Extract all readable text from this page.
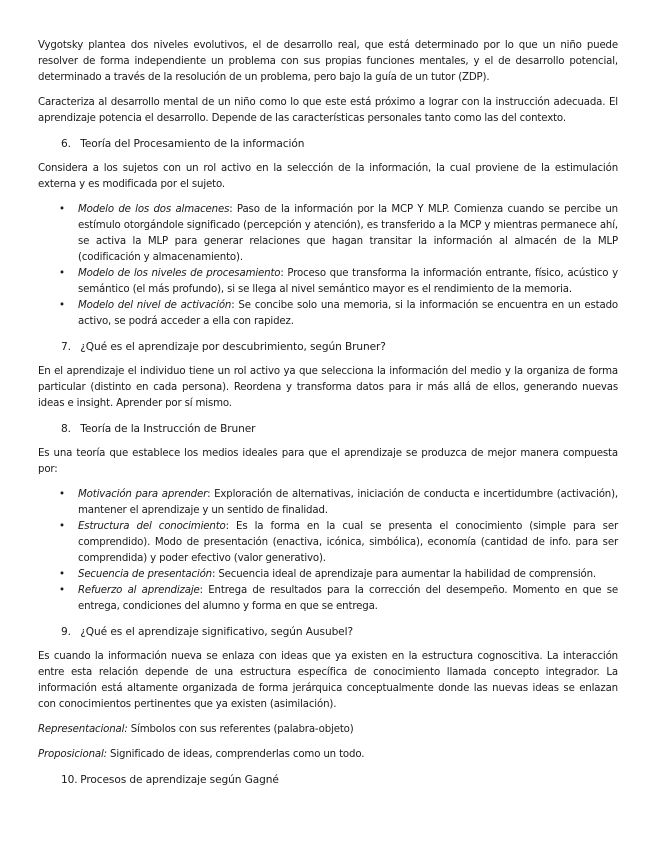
Vygotsky plantea dos niveles evolutivos, el de desarrollo real, que está determinado por lo que un niño puede resolver de forma independiente un problema con sus propias funciones mentales, y el de desarrollo potencial, determinado a través de la resolución de un problema, pero bajo la guía de un tutor (ZDP).

Caracteriza al desarrollo mental de un niño como lo que este está próximo a lograr con la instrucción adecuada. El aprendizaje potencia el desarrollo. Depende de las características personales tanto como las del contexto.

6. Teoría del Procesamiento de la información

Considera a los sujetos con un rol activo en la selección de la información, la cual proviene de la estimulación externa y es modificada por el sujeto.

• Modelo de los dos almacenes: Paso de la información por la MCP Y MLP. Comienza cuando se percibe un estímulo otorgándole significado (percepción y atención), es transferido a la MCP y mientras permanece ahí, se activa la MLP para generar relaciones que hagan transitar la información al almacén de la MLP (codificación y almacenamiento).
• Modelo de los niveles de procesamiento: Proceso que transforma la información entrante, físico, acústico y semántico (el más profundo), si se llega al nivel semántico mayor es el rendimiento de la memoria.
• Modelo del nivel de activación: Se concibe solo una memoria, si la información se encuentra en un estado activo, se podrá acceder a ella con rapidez.
7. ¿Qué es el aprendizaje por descubrimiento, según Bruner?

En el aprendizaje el individuo tiene un rol activo ya que selecciona la información del medio y la organiza de forma particular (distinto en cada persona). Reordena y transforma datos para ir más allá de ellos, generando nuevas ideas e insight. Aprender por sí mismo.

8. Teoría de la Instrucción de Bruner

Es una teoría que establece los medios ideales para que el aprendizaje se produzca de mejor manera compuesta por:

• Motivación para aprender: Exploración de alternativas, iniciación de conducta e incertidumbre (activación), mantener el aprendizaje y un sentido de finalidad.
• Estructura del conocimiento: Es la forma en la cual se presenta el conocimiento (simple para ser comprendido). Modo de presentación (enactiva, icónica, simbólica), economía (cantidad de info. para ser comprendida) y poder efectivo (valor generativo).
• Secuencia de presentación: Secuencia ideal de aprendizaje para aumentar la habilidad de comprensión.
• Refuerzo al aprendizaje: Entrega de resultados para la corrección del desempeño. Momento en que se entrega, condiciones del alumno y forma en que se entrega.
9. ¿Qué es el aprendizaje significativo, según Ausubel?

Es cuando la información nueva se enlaza con ideas que ya existen en la estructura cognoscitiva. La interacción entre esta relación depende de una estructura específica de conocimiento llamada concepto integrador. La información está altamente organizada de forma jerárquica conceptualmente donde las nuevas ideas se enlazan con conocimientos pertinentes que ya existen (asimilación).

Representacional: Símbolos con sus referentes (palabra-objeto)

Proposicional: Significado de ideas, comprenderlas como un todo.

10. Procesos de aprendizaje según Gagné
